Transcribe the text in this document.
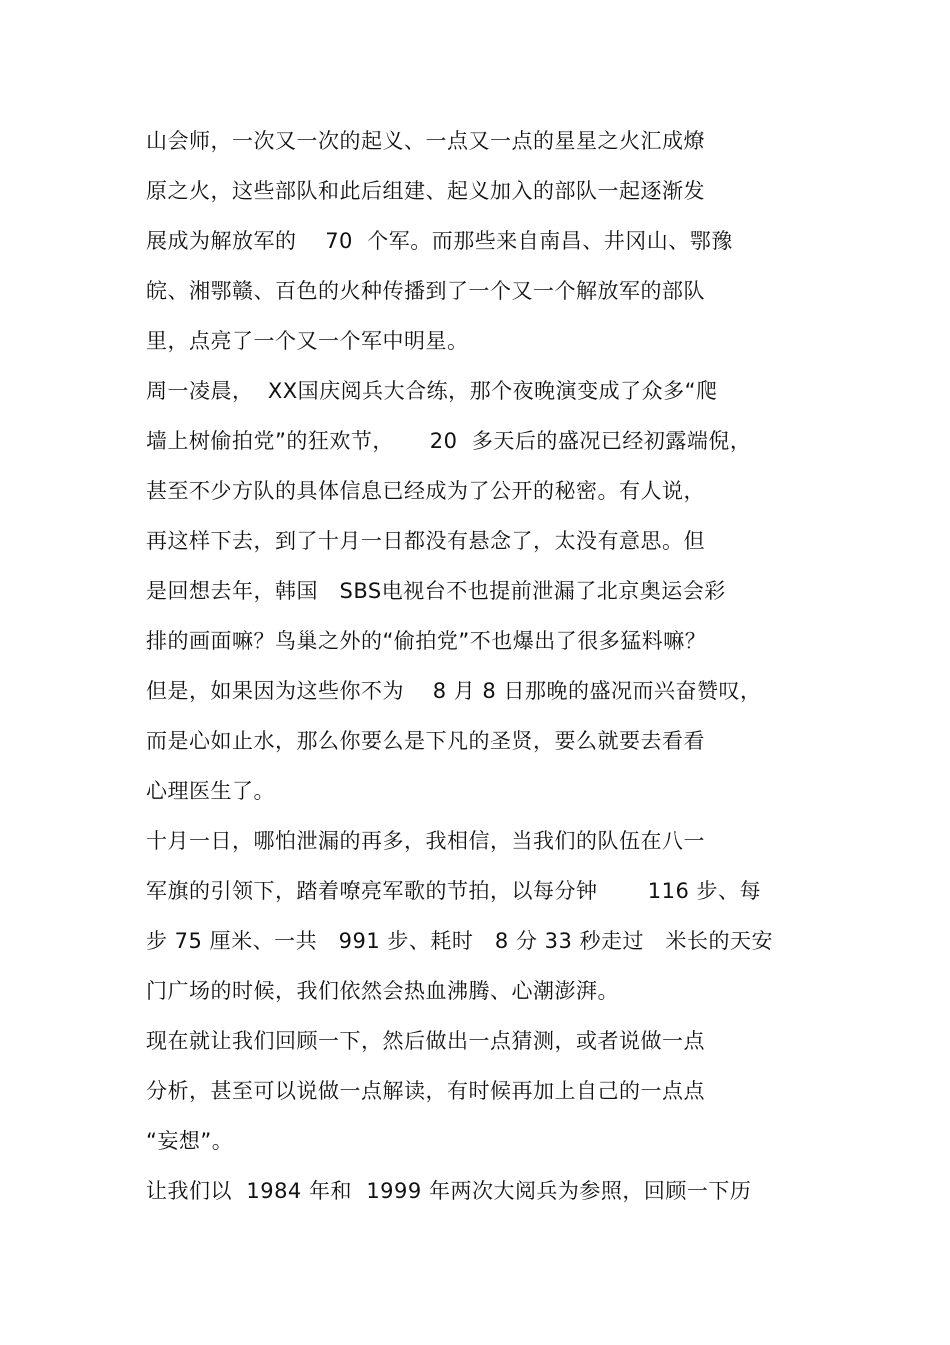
山会师，一次又一次的起义、一点又一点的星星之火汇成燎
原之火，这些部队和此后组建、起义加入的部队一起逐渐发
展成为解放军的    70  个军。而那些来自南昌、井冈山、鄂豫
皖、湘鄂赣、百色的火种传播到了一个又一个解放军的部队
里，点亮了一个又一个军中明星。
周一凌晨，  XX国庆阅兵大合练，那个夜晚演变成了众多“爬
墙上树偷拍党”的狂欢节，     20  多天后的盛况已经初露端倪，
甚至不少方队的具体信息已经成为了公开的秘密。有人说，
再这样下去，到了十月一日都没有悬念了，太没有意思。但
是回想去年，韩国   SBS电视台不也提前泄漏了北京奥运会彩
排的画面嘛？鸟巢之外的“偷拍党”不也爆出了很多猛料嘛？
但是，如果因为这些你不为    8 月 8 日那晚的盛况而兴奋赞叹，
而是心如止水，那么你要么是下凡的圣贤，要么就要去看看
心理医生了。
十月一日，哪怕泄漏的再多，我相信，当我们的队伍在八一
军旗的引领下，踏着嘹亮军歌的节拍，以每分钟       116 步、每
步 75 厘米、一共   991 步、耗时   8 分 33 秒走过   米长的天安
门广场的时候，我们依然会热血沸腾、心潮澎湃。
现在就让我们回顾一下，然后做出一点猜测，或者说做一点
分析，甚至可以说做一点解读，有时候再加上自己的一点点
“妄想”。
让我们以  1984 年和  1999 年两次大阅兵为参照，回顾一下历
